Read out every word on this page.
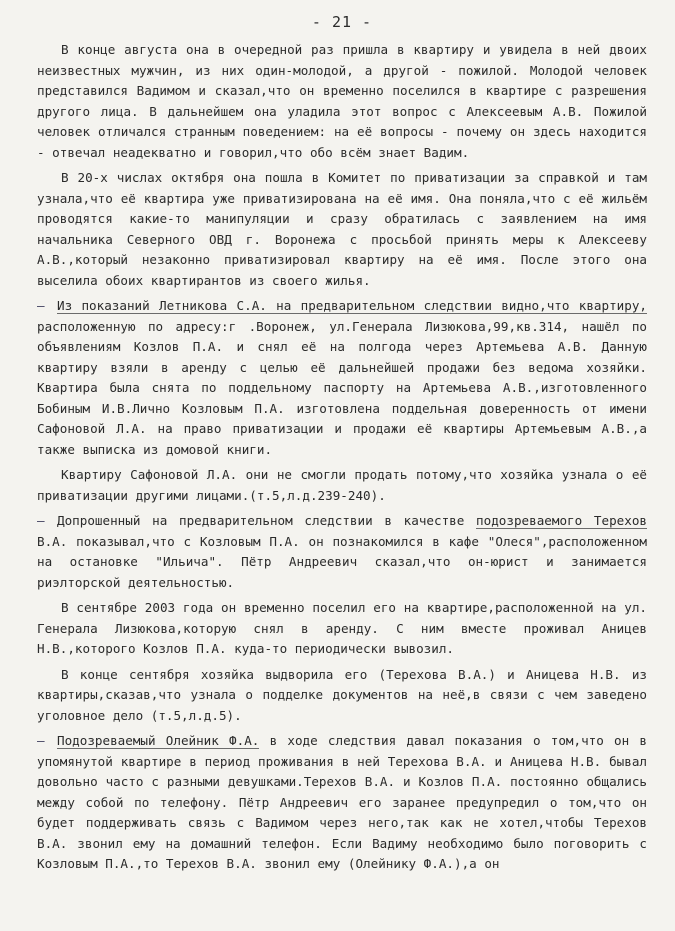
- 21 -

В конце августа она в очередной раз пришла в квартиру и увидела в ней двоих неизвестных мужчин, из них один-молодой, а другой - пожилой. Молодой человек представился Вадимом и сказал,что он временно поселился в квартире с разрешения другого лица. В дальнейшем она уладила этот вопрос с Алексеевым А.В. Пожилой человек отличался странным поведением: на её вопросы - почему он здесь находится - отвечал неадекватно и говорил,что обо всём знает Вадим.

В 20-х числах октября она пошла в Комитет по приватизации за справкой и там узнала,что её квартира уже приватизирована на её имя. Она поняла,что с её жильём проводятся какие-то манипуляции и сразу обратилась с заявлением на имя начальника Северного ОВД г. Воронежа с просьбой принять меры к Алексееву А.В.,который незаконно приватизировал квартиру на её имя. После этого она выселила обоих квартирантов из своего жилья.

— Из показаний Летникова С.А. на предварительном следствии видно,что квартиру, расположенную по адресу:г .Воронеж, ул.Генерала Лизюкова,99,кв.314, нашёл по объявлениям Козлов П.А. и снял её на полгода через Артемьева А.В. Данную квартиру взяли в аренду с целью её дальнейшей продажи без ведома хозяйки. Квартира была снята по поддельному паспорту на Артемьева А.В.,изготовленного Бобиным И.В.Лично Козловым П.А. изготовлена поддельная доверенность от имени Сафоновой Л.А. на право приватизации и продажи её квартиры Артемьевым А.В.,а также выписка из домовой книги.

Квартиру Сафоновой Л.А. они не смогли продать потому,что хозяйка узнала о её приватизации другими лицами.(т.5,л.д.239-240).

— Допрошенный на предварительном следствии в качестве подозреваемого Терехов В.А. показывал,что с Козловым П.А. он познакомился в кафе "Олеся",расположенном на остановке "Ильича". Пётр Андреевич сказал,что он-юрист и занимается риэлторской деятельностью.

В сентябре 2003 года он временно поселил его на квартире,расположенной на ул. Генерала Лизюкова,которую снял в аренду. С ним вместе проживал Аницев Н.В.,которого Козлов П.А. куда-то периодически вывозил.

В конце сентября хозяйка выдворила его (Терехова В.А.) и Аницева Н.В. из квартиры,сказав,что узнала о подделке документов на неё,в связи с чем заведено уголовное дело (т.5,л.д.5).

— Подозреваемый Олейник Ф.А. в ходе следствия давал показания о том,что он в упомянутой квартире в период проживания в ней Терехова В.А. и Аницева Н.В. бывал довольно часто с разными девушками.Терехов В.А. и Козлов П.А. постоянно общались между собой по телефону. Пётр Андреевич его заранее предупредил о том,что он будет поддерживать связь с Вадимом через него,так как не хотел,чтобы Терехов В.А. звонил ему на домашний телефон. Если Вадиму необходимо было поговорить с Козловым П.А.,то Терехов В.А. звонил ему (Олейнику Ф.А.),а он
